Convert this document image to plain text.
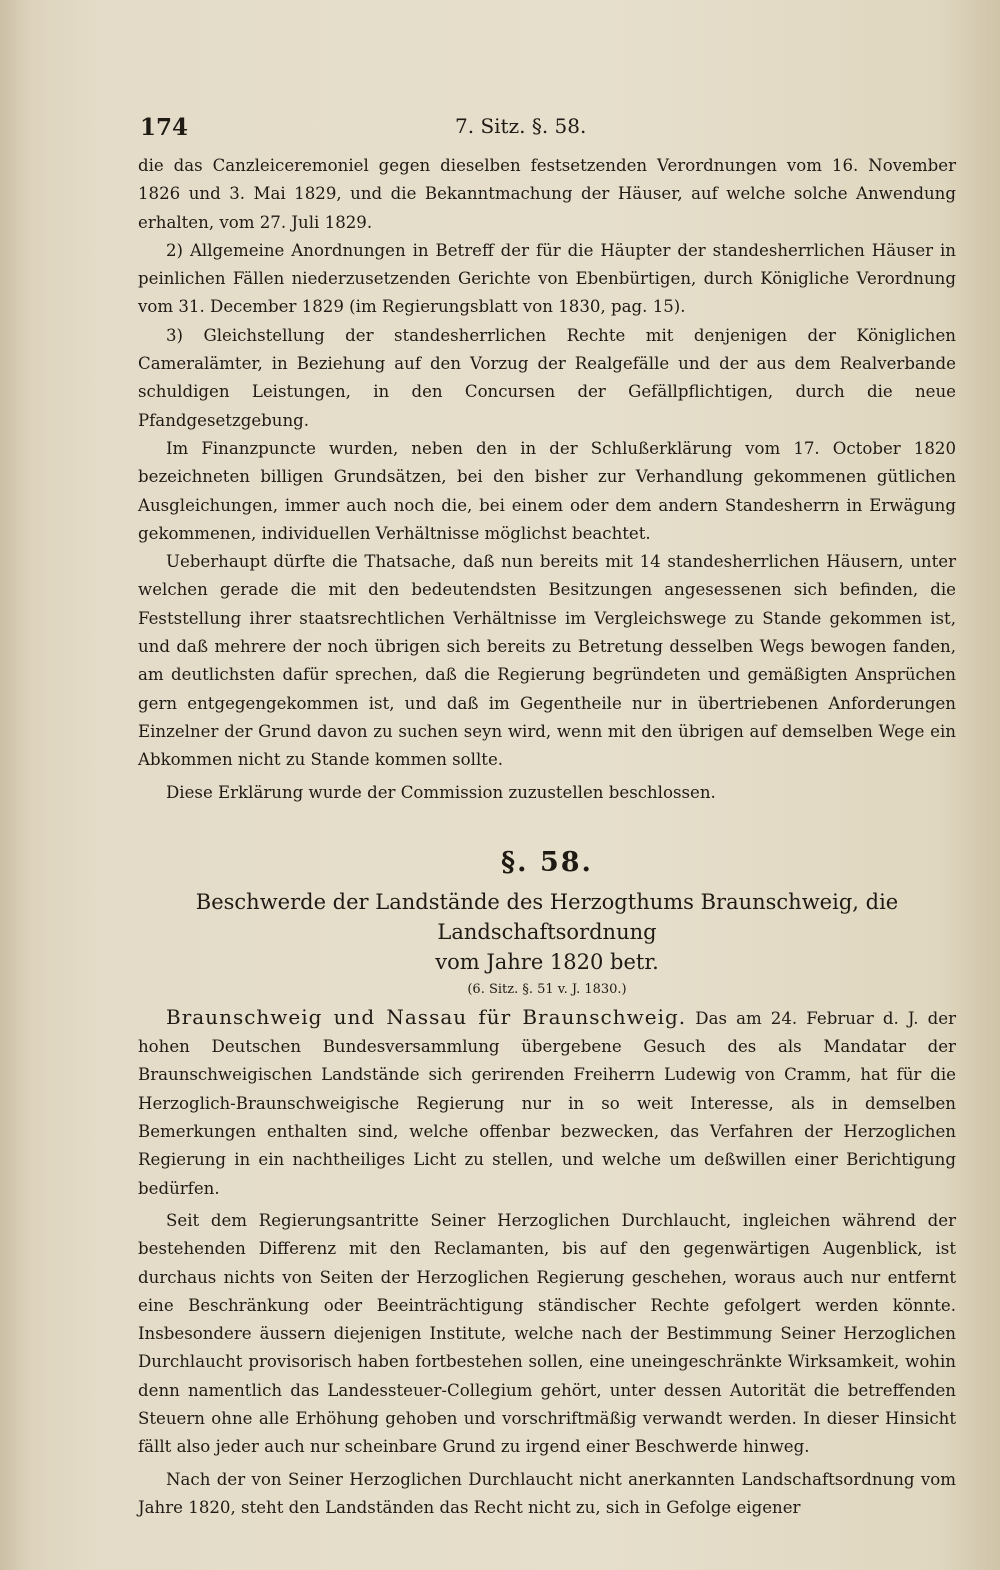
174	7. Sitz. §. 58.

die das Canzleiceremoniel gegen dieselben festsetzenden Verordnungen vom 16. November 1826 und 3. Mai 1829, und die Bekanntmachung der Häuser, auf welche solche Anwendung erhalten, vom 27. Juli 1829.

2) Allgemeine Anordnungen in Betreff der für die Häupter der standesherrlichen Häuser in peinlichen Fällen niederzusetzenden Gerichte von Ebenbürtigen, durch Königliche Verordnung vom 31. December 1829 (im Regierungsblatt von 1830, pag. 15).

3) Gleichstellung der standesherrlichen Rechte mit denjenigen der Königlichen Cameralämter, in Beziehung auf den Vorzug der Realgefälle und der aus dem Realverbande schuldigen Leistungen, in den Concursen der Gefällpflichtigen, durch die neue Pfandgesetzgebung.

Im Finanzpuncte wurden, neben den in der Schlußerklärung vom 17. October 1820 bezeichneten billigen Grundsätzen, bei den bisher zur Verhandlung gekommenen gütlichen Ausgleichungen, immer auch noch die, bei einem oder dem andern Standesherrn in Erwägung gekommenen, individuellen Verhältnisse möglichst beachtet.

Ueberhaupt dürfte die Thatsache, daß nun bereits mit 14 standesherrlichen Häusern, unter welchen gerade die mit den bedeutendsten Besitzungen angesessenen sich befinden, die Feststellung ihrer staatsrechtlichen Verhältnisse im Vergleichswege zu Stande gekommen ist, und daß mehrere der noch übrigen sich bereits zu Betretung desselben Wegs bewogen fanden, am deutlichsten dafür sprechen, daß die Regierung begründeten und gemäßigten Ansprüchen gern entgegengekommen ist, und daß im Gegentheile nur in übertriebenen Anforderungen Einzelner der Grund davon zu suchen seyn wird, wenn mit den übrigen auf demselben Wege ein Abkommen nicht zu Stande kommen sollte.

Diese Erklärung wurde der Commission zuzustellen beschlossen.

§. 58.

Beschwerde der Landstände des Herzogthums Braunschweig, die Landschaftsordnung

vom Jahre 1820 betr.

(6. Sitz. §. 51 v. J. 1830.)

Braunschweig und Nassau für Braunschweig. Das am 24. Februar d. J. der hohen Deutschen Bundesversammlung übergebene Gesuch des als Mandatar der Braunschweigischen Landstände sich gerirenden Freiherrn Ludewig von Cramm, hat für die Herzoglich-Braunschweigische Regierung nur in so weit Interesse, als in demselben Bemerkungen enthalten sind, welche offenbar bezwecken, das Verfahren der Herzoglichen Regierung in ein nachtheiliges Licht zu stellen, und welche um deßwillen einer Berichtigung bedürfen.

Seit dem Regierungsantritte Seiner Herzoglichen Durchlaucht, ingleichen während der bestehenden Differenz mit den Reclamanten, bis auf den gegenwärtigen Augenblick, ist durchaus nichts von Seiten der Herzoglichen Regierung geschehen, woraus auch nur entfernt eine Beschränkung oder Beeinträchtigung ständischer Rechte gefolgert werden könnte. Insbesondere äussern diejenigen Institute, welche nach der Bestimmung Seiner Herzoglichen Durchlaucht provisorisch haben fortbestehen sollen, eine uneingeschränkte Wirksamkeit, wohin denn namentlich das Landessteuer-Collegium gehört, unter dessen Autorität die betreffenden Steuern ohne alle Erhöhung gehoben und vorschriftmäßig verwandt werden. In dieser Hinsicht fällt also jeder auch nur scheinbare Grund zu irgend einer Beschwerde hinweg.

Nach der von Seiner Herzoglichen Durchlaucht nicht anerkannten Landschaftsordnung vom Jahre 1820, steht den Landständen das Recht nicht zu, sich in Gefolge eigener
